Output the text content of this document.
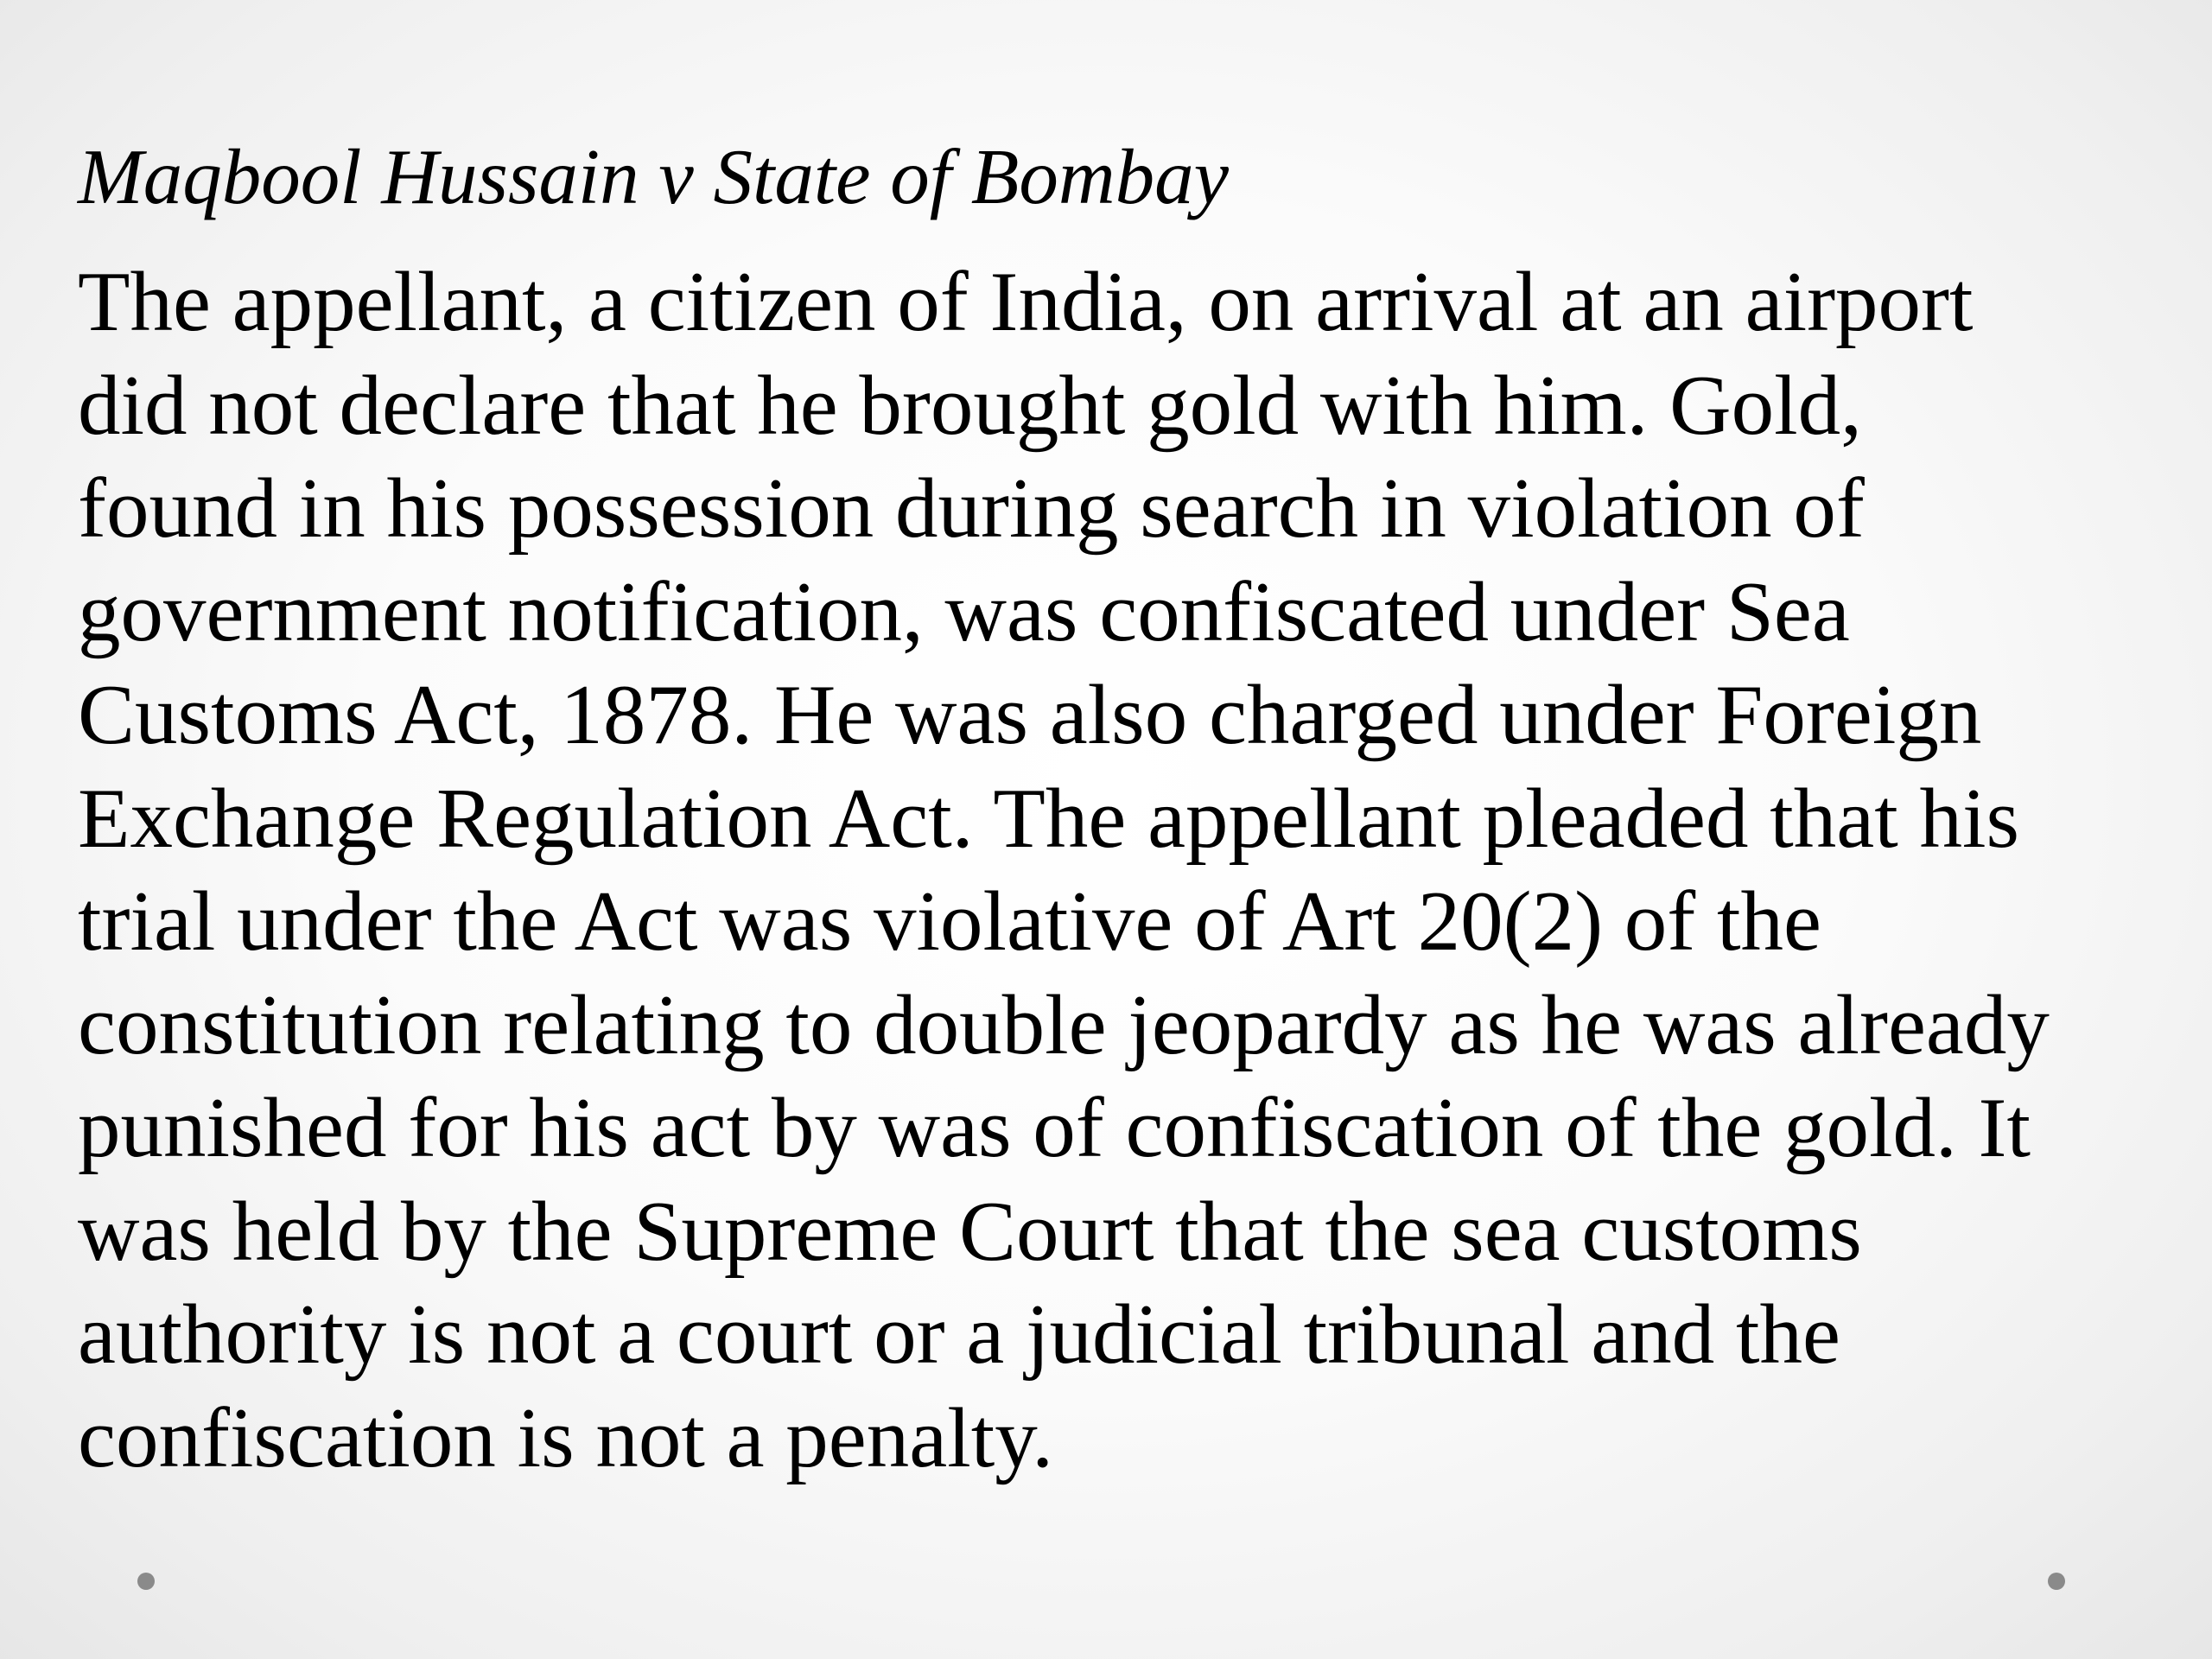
Maqbool Hussain v State of Bombay
The appellant, a citizen of India, on arrival at an airport
did not declare that he brought gold with him. Gold,
found in his possession during search in violation of
government notification, was confiscated under Sea
Customs Act, 1878. He was also charged under Foreign
Exchange Regulation Act. The appellant pleaded that his
trial under the Act was violative of Art 20(2) of the
constitution relating to double jeopardy as he was already
punished for his act by was of confiscation of the gold. It
was held by the Supreme Court that the sea customs
authority is not a court or a judicial tribunal and the
confiscation is not a penalty.
